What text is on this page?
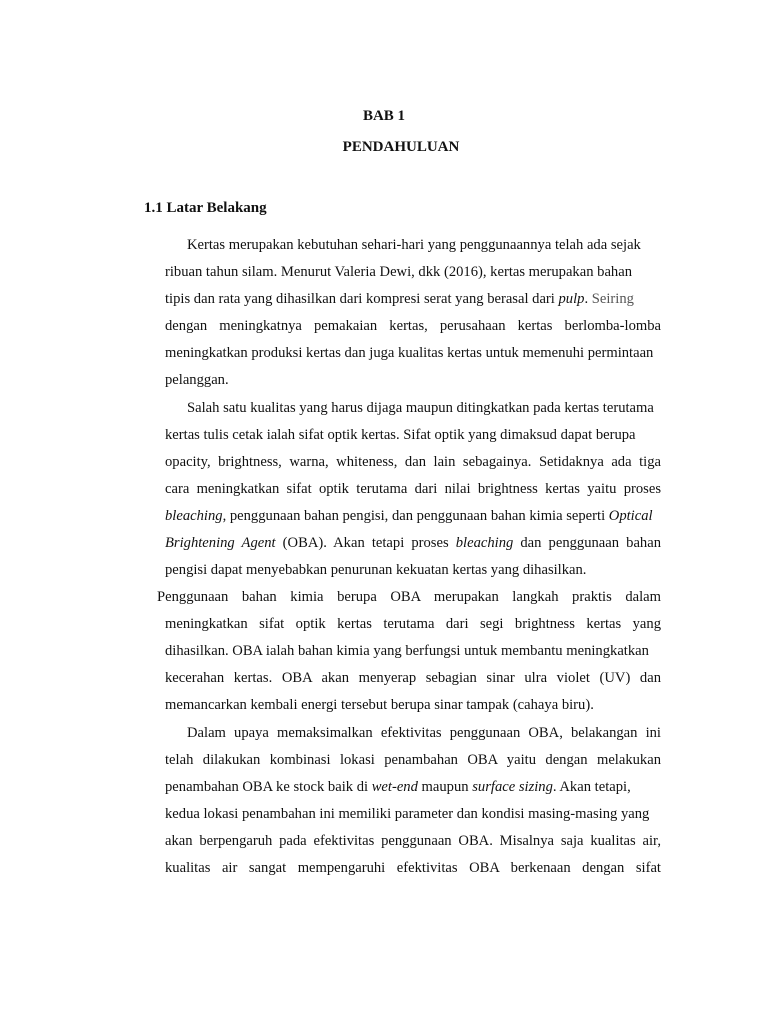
BAB 1
PENDAHULUAN
1.1 Latar Belakang
Kertas merupakan kebutuhan sehari-hari yang penggunaannya telah ada sejak
ribuan tahun silam. Menurut Valeria Dewi, dkk (2016), kertas merupakan bahan
tipis dan rata yang dihasilkan dari kompresi serat yang berasal dari pulp. Seiring
dengan meningkatnya pemakaian kertas, perusahaan kertas berlomba-lomba
meningkatkan produksi kertas dan juga kualitas kertas untuk memenuhi permintaan
pelanggan.
Salah satu kualitas yang harus dijaga maupun ditingkatkan pada kertas terutama
kertas tulis cetak ialah sifat optik kertas. Sifat optik yang dimaksud dapat berupa
opacity, brightness, warna, whiteness, dan lain sebagainya. Setidaknya ada tiga
cara meningkatkan sifat optik terutama dari nilai brightness kertas yaitu proses
bleaching, penggunaan bahan pengisi, dan penggunaan bahan kimia seperti Optical
Brightening Agent (OBA). Akan tetapi proses bleaching dan penggunaan bahan
pengisi dapat menyebabkan penurunan kekuatan kertas yang dihasilkan.
Penggunaan bahan kimia berupa OBA merupakan langkah praktis dalam
meningkatkan sifat optik kertas terutama dari segi brightness kertas yang
dihasilkan. OBA ialah bahan kimia yang berfungsi untuk membantu meningkatkan
kecerahan kertas. OBA akan menyerap sebagian sinar ulra violet (UV) dan
memancarkan kembali energi tersebut berupa sinar tampak (cahaya biru).
Dalam upaya memaksimalkan efektivitas penggunaan OBA, belakangan ini
telah dilakukan kombinasi lokasi penambahan OBA yaitu dengan melakukan
penambahan OBA ke stock baik di wet-end maupun surface sizing. Akan tetapi,
kedua lokasi penambahan ini memiliki parameter dan kondisi masing-masing yang
akan berpengaruh pada efektivitas penggunaan OBA. Misalnya saja kualitas air,
kualitas air sangat mempengaruhi efektivitas OBA berkenaan dengan sifat
